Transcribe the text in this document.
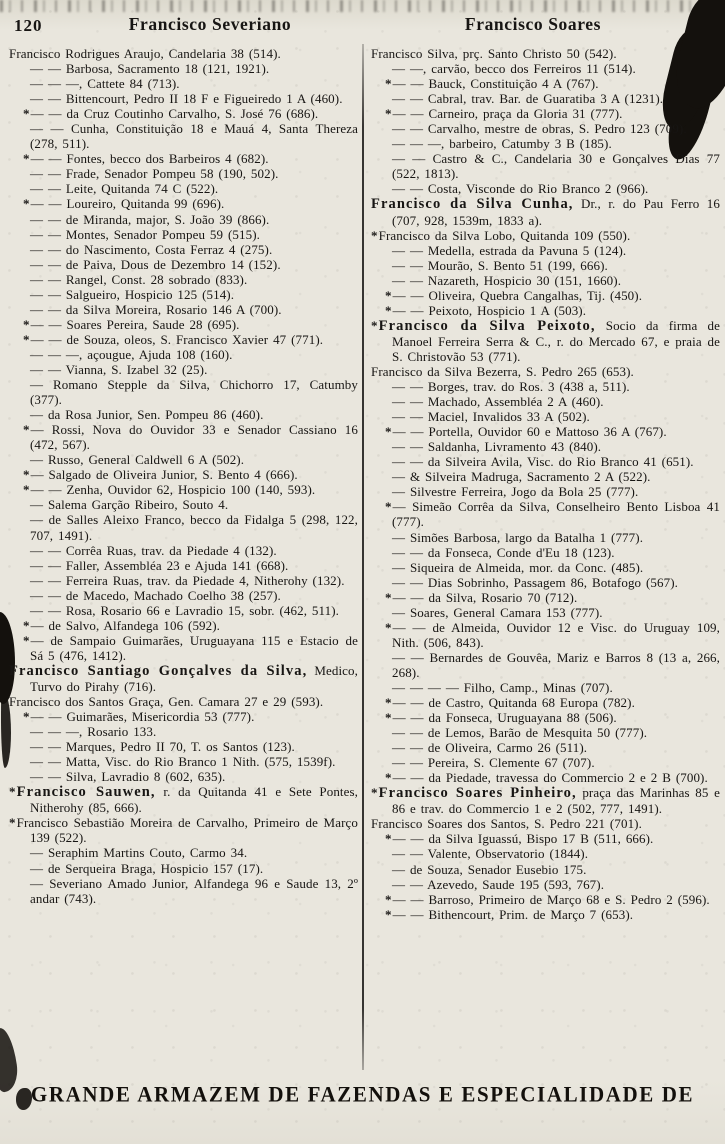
120	Francisco Severiano	Francisco Soares

Francisco Rodrigues Araujo, Candelaria 38 (514).

— — Barbosa, Sacramento 18 (121, 1921).

— — —, Cattete 84 (713).

— — Bittencourt, Pedro II 18 F e Figueiredo 1 A (460).

*— — da Cruz Coutinho Carvalho, S. José 76 (686).

— — Cunha, Constituição 18 e Mauá 4, Santa Thereza (278, 511).

*— — Fontes, becco dos Barbeiros 4 (682).

— — Frade, Senador Pompeu 58 (190, 502).

— — Leite, Quitanda 74 C (522).

*— — Loureiro, Quitanda 99 (696).

— — de Miranda, major, S. João 39 (866).

— — Montes, Senador Pompeu 59 (515).

— — do Nascimento, Costa Ferraz 4 (275).

— — de Paiva, Dous de Dezembro 14 (152).

— — Rangel, Const. 28 sobrado (833).

— — Salgueiro, Hospicio 125 (514).

— — da Silva Moreira, Rosario 146 A (700).

*— — Soares Pereira, Saude 28 (695).

*— — de Souza, oleos, S. Francisco Xavier 47 (771).

— — —, açougue, Ajuda 108 (160).

— — Vianna, S. Izabel 32 (25).

— Romano Stepple da Silva, Chichorro 17, Catumby (377).

— da Rosa Junior, Sen. Pompeu 86 (460).

*— Rossi, Nova do Ouvidor 33 e Senador Cassiano 16 (472, 567).

— Russo, General Caldwell 6 A (502).

*— Salgado de Oliveira Junior, S. Bento 4 (666).

*— — Zenha, Ouvidor 62, Hospicio 100 (140, 593).

— Salema Garção Ribeiro, Souto 4.

— de Salles Aleixo Franco, becco da Fidalga 5 (298, 122, 707, 1491).

— — Corrêa Ruas, trav. da Piedade 4 (132).

— — Faller, Assembléa 23 e Ajuda 141 (668).

— — Ferreira Ruas, trav. da Piedade 4, Nitherohy (132).

— — de Macedo, Machado Coelho 38 (257).

— — Rosa, Rosario 66 e Lavradio 15, sobr. (462, 511).

*— de Salvo, Alfandega 106 (592).

*— de Sampaio Guimarães, Uruguayana 115 e Estacio de Sá 5 (476, 1412).

Francisco Santiago Gonçalves da Silva, Medico, Turvo do Pirahy (716).

Francisco dos Santos Graça, Gen. Camara 27 e 29 (593).

*— — Guimarães, Misericordia 53 (777).

— — —, Rosario 133.

— — Marques, Pedro II 70, T. os Santos (123).

— — Matta, Visc. do Rio Branco 1 Nith. (575, 1539f).

— — Silva, Lavradio 8 (602, 635).

*Francisco Sauwen, r. da Quitanda 41 e Sete Pontes, Nitherohy (85, 666).

*Francisco Sebastião Moreira de Carvalho, Primeiro de Março 139 (522).

— Seraphim Martins Couto, Carmo 34.

— de Serqueira Braga, Hospicio 157 (17).

— Severiano Amado Junior, Alfandega 96 e Saude 13, 2º andar (743).

Francisco Silva, prç. Santo Christo 50 (542).

— —, carvão, becco dos Ferreiros 11 (514).

*— — Bauck, Constituição 4 A (767).

— — Cabral, trav. Bar. de Guaratiba 3 A (1231).

*— — Carneiro, praça da Gloria 31 (777).

— — Carvalho, mestre de obras, S. Pedro 123 (709).

— — —, barbeiro, Catumby 3 B (185).

— — Castro & C., Candelaria 30 e Gonçalves Dias 77 (522, 1813).

— — Costa, Visconde do Rio Branco 2 (966).

Francisco da Silva Cunha, Dr., r. do Pau Ferro 16 (707, 928, 1539m, 1833 a).

*Francisco da Silva Lobo, Quitanda 109 (550).

— — Medella, estrada da Pavuna 5 (124).

— — Mourão, S. Bento 51 (199, 666).

— — Nazareth, Hospicio 30 (151, 1660).

*— — Oliveira, Quebra Cangalhas, Tij. (450).

*— — Peixoto, Hospicio 1 A (503).

*Francisco da Silva Peixoto, Socio da firma de Manoel Ferreira Serra & C., r. do Mercado 67, e praia de S. Christovão 53 (771).

Francisco da Silva Bezerra, S. Pedro 265 (653).

— — Borges, trav. do Ros. 3 (438 a, 511).

— — Machado, Assembléa 2 A (460).

— — Maciel, Invalidos 33 A (502).

*— — Portella, Ouvidor 60 e Mattoso 36 A (767).

— — Saldanha, Livramento 43 (840).

— — da Silveira Avila, Visc. do Rio Branco 41 (651).

— & Silveira Madruga, Sacramento 2 A (522).

— Silvestre Ferreira, Jogo da Bola 25 (777).

*— Simeão Corrêa da Silva, Conselheiro Bento Lisboa 41 (777).

— Simões Barbosa, largo da Batalha 1 (777).

— — da Fonseca, Conde d'Eu 18 (123).

— Siqueira de Almeida, mor. da Conc. (485).

— — Dias Sobrinho, Passagem 86, Botafogo (567).

*— — da Silva, Rosario 70 (712).

— Soares, General Camara 153 (777).

*— — de Almeida, Ouvidor 12 e Visc. do Uruguay 109, Nith. (506, 843).

— — Bernardes de Gouvêa, Mariz e Barros 8 (13 a, 266, 268).

— — — — Filho, Camp., Minas (707).

*— — de Castro, Quitanda 68 Europa (782).

*— — da Fonseca, Uruguayana 88 (506).

— — de Lemos, Barão de Mesquita 50 (777).

— — de Oliveira, Carmo 26 (511).

— — Pereira, S. Clemente 67 (707).

*— — da Piedade, travessa do Commercio 2 e 2 B (700).

*Francisco Soares Pinheiro, praça das Marinhas 85 e 86 e trav. do Commercio 1 e 2 (502, 777, 1491).

Francisco Soares dos Santos, S. Pedro 221 (701).

*— — da Silva Iguassú, Bispo 17 B (511, 666).

— — Valente, Observatorio (1844).

— de Souza, Senador Eusebio 175.

— — Azevedo, Saude 195 (593, 767).

*— — Barroso, Primeiro de Março 68 e S. Pedro 2 (596).

*— — Bithencourt, Prim. de Março 7 (653).

GRANDE ARMAZEM DE FAZENDAS E ESPECIALIDADE DE
